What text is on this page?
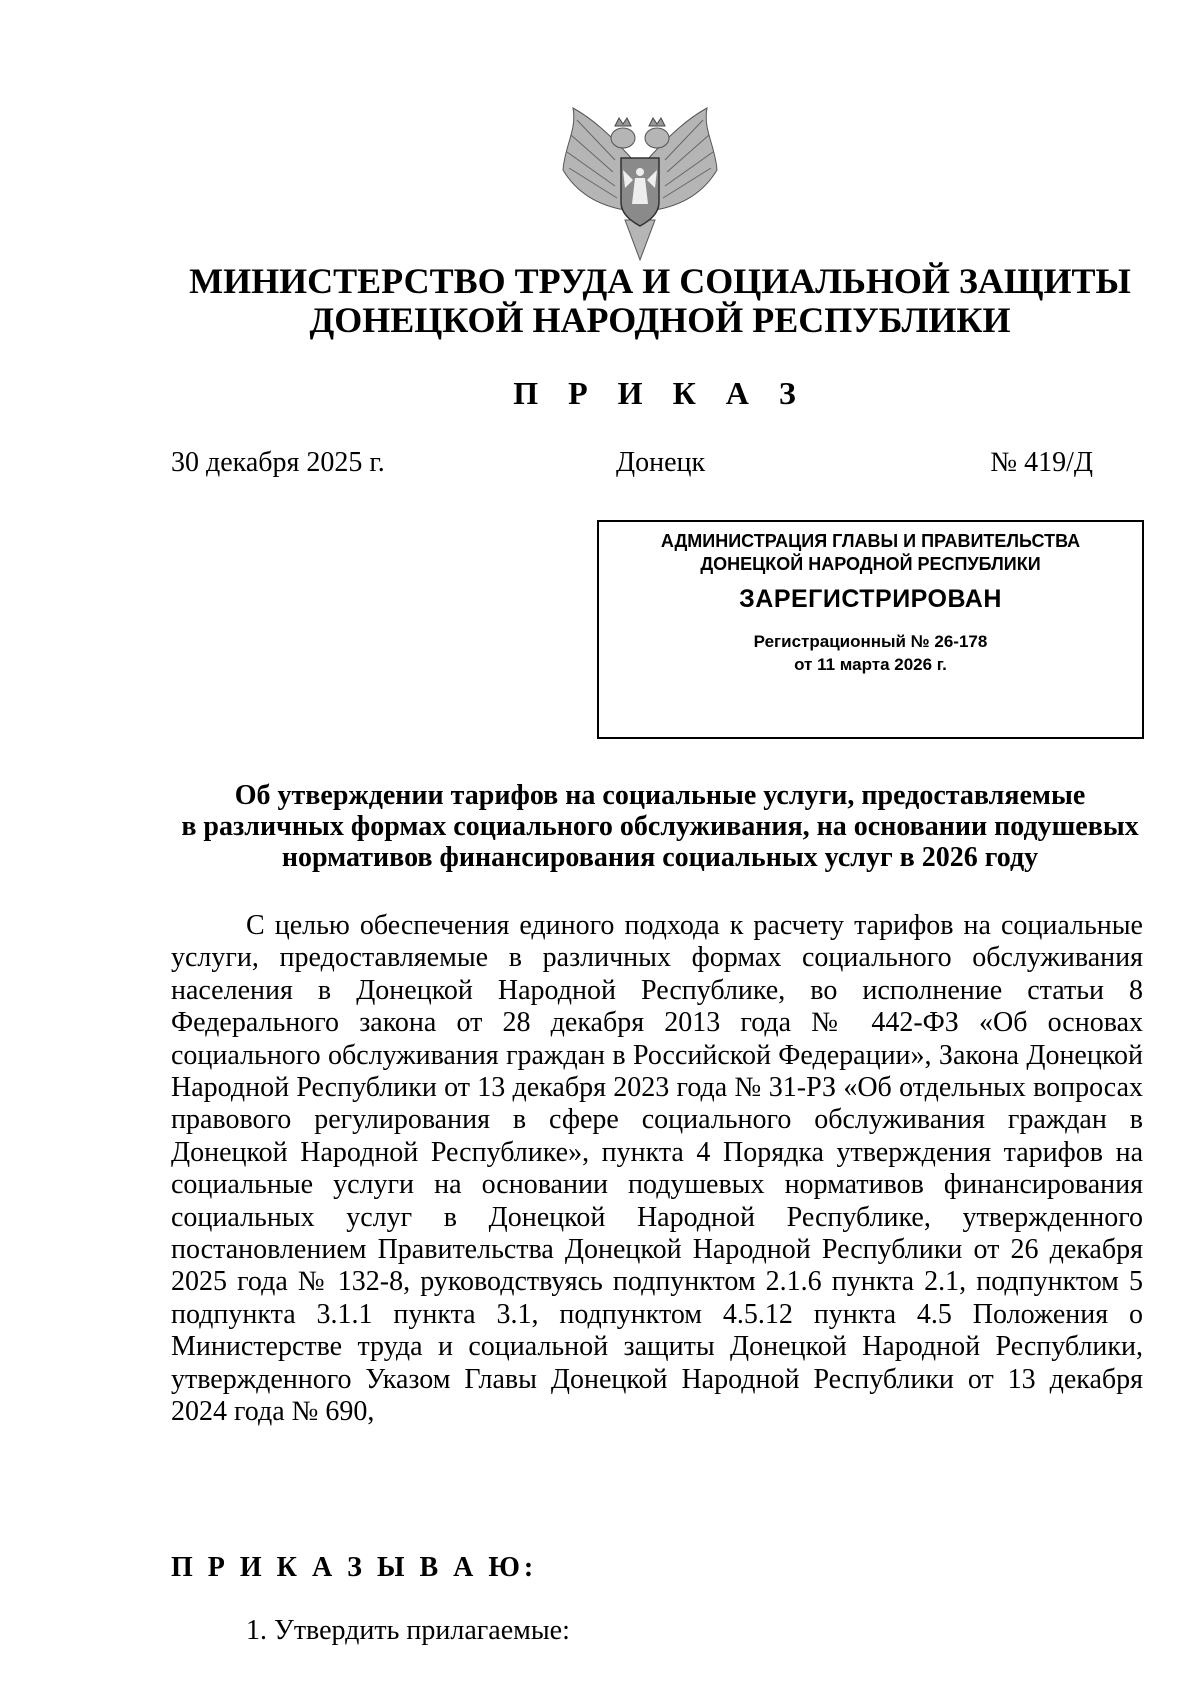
МИНИСТЕРСТВО ТРУДА И СОЦИАЛЬНОЙ ЗАЩИТЫ
ДОНЕЦКОЙ НАРОДНОЙ РЕСПУБЛИКИ
П Р И К А З
30 декабря 2025 г.	Донецк	№ 419/Д
АДМИНИСТРАЦИЯ ГЛАВЫ И ПРАВИТЕЛЬСТВА
ДОНЕЦКОЙ НАРОДНОЙ РЕСПУБЛИКИ
ЗАРЕГИСТРИРОВАН
Регистрационный № 26-178
от 11 марта 2026 г.
Об утверждении тарифов на социальные услуги, предоставляемые
в различных формах социального обслуживания, на основании подушевых
нормативов финансирования социальных услуг в 2026 году

С целью обеспечения единого подхода к расчету тарифов на социальные услуги, предоставляемые в различных формах социального обслуживания населения в Донецкой Народной Республике, во исполнение статьи 8 Федерального закона от 28 декабря 2013 года № 442-ФЗ «Об основах социального обслуживания граждан в Российской Федерации», Закона Донецкой Народной Республики от 13 декабря 2023 года № 31-РЗ «Об отдельных вопросах правового регулирования в сфере социального обслуживания граждан в Донецкой Народной Республике», пункта 4 Порядка утверждения тарифов на социальные услуги на основании подушевых нормативов финансирования социальных услуг в Донецкой Народной Республике, утвержденного постановлением Правительства Донецкой Народной Республики от 26 декабря 2025 года № 132-8, руководствуясь подпунктом 2.1.6 пункта 2.1, подпунктом 5 подпункта 3.1.1 пункта 3.1, подпунктом 4.5.12 пункта 4.5 Положения о Министерстве труда и социальной защиты Донецкой Народной Республики, утвержденного Указом Главы Донецкой Народной Республики от 13 декабря 2024 года № 690,

П Р И К А З Ы В А Ю:
1. Утвердить прилагаемые:
